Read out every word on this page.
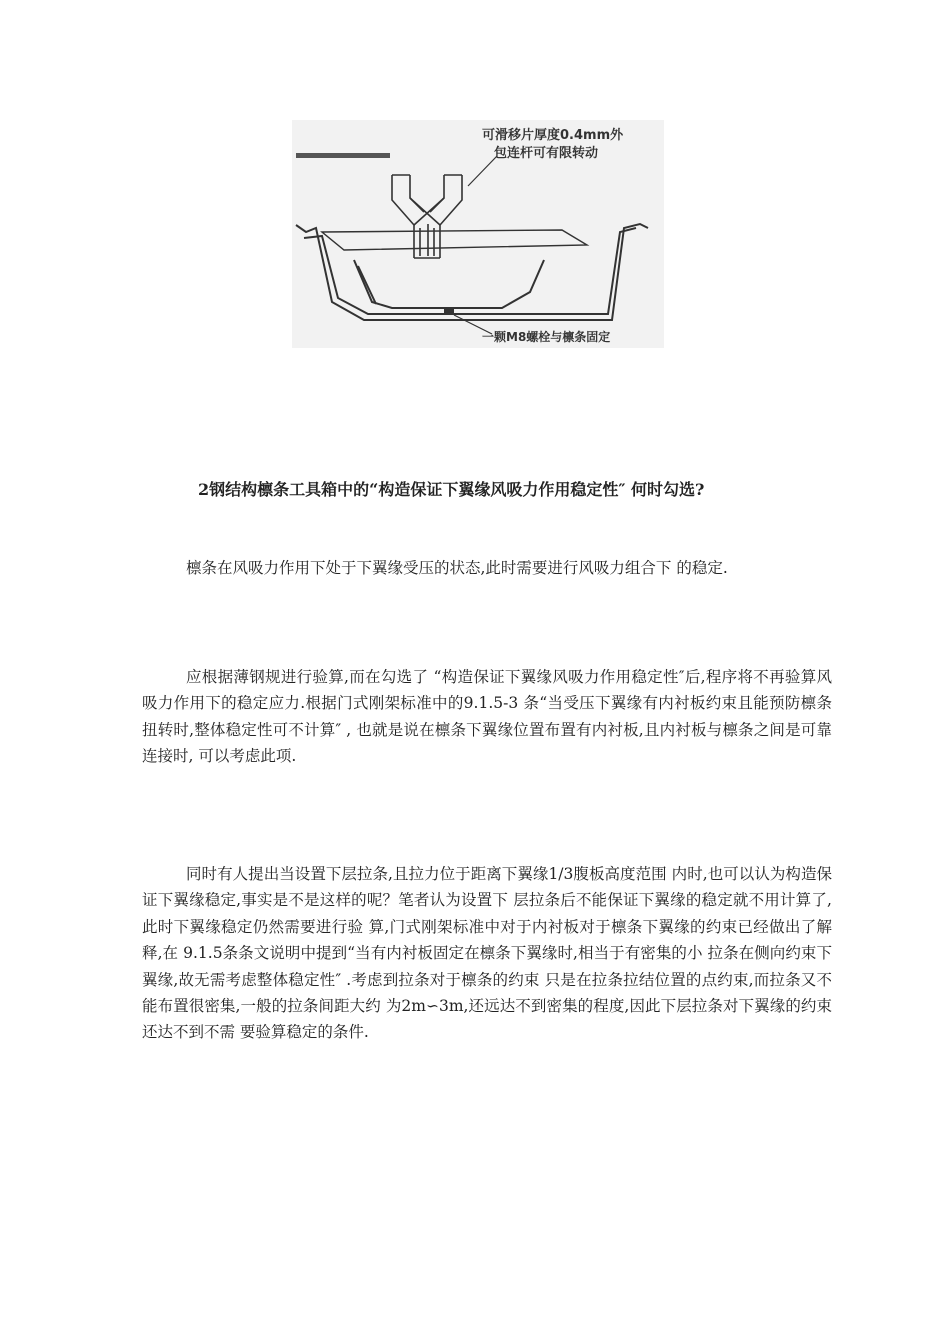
可滑移片厚度0.4mm外
包连杆可有限转动
一颗M8螺栓与檩条固定
2钢结构檩条工具箱中的“构造保证下翼缘风吸力作用稳定性″ 何时勾选?

檩条在风吸力作用下处于下翼缘受压的状态,此时需要进行风吸力组合下 的稳定.

应根据薄钢规进行验算,而在勾选了 “构造保证下翼缘风吸力作用稳定性″后,程序将不再验算风吸力作用下的稳定应力.根据门式刚架标准中的9.1.5-3 条“当受压下翼缘有内衬板约束且能预防檩条扭转时,整体稳定性可不计算″ , 也就是说在檩条下翼缘位置布置有内衬板,且内衬板与檩条之间是可靠连接时, 可以考虑此项.

同时有人提出当设置下层拉条,且拉力位于距离下翼缘1/3腹板高度范围 内时,也可以认为构造保证下翼缘稳定,事实是不是这样的呢？笔者认为设置下 层拉条后不能保证下翼缘的稳定就不用计算了,此时下翼缘稳定仍然需要进行验 算,门式刚架标准中对于内衬板对于檩条下翼缘的约束已经做出了解释,在 9.1.5条条文说明中提到“当有内衬板固定在檩条下翼缘时,相当于有密集的小 拉条在侧向约束下翼缘,故无需考虑整体稳定性″ .考虑到拉条对于檩条的约束 只是在拉条拉结位置的点约束,而拉条又不能布置很密集,一般的拉条间距大约 为2m∽3m,还远达不到密集的程度,因此下层拉条对下翼缘的约束还达不到不需 要验算稳定的条件.
